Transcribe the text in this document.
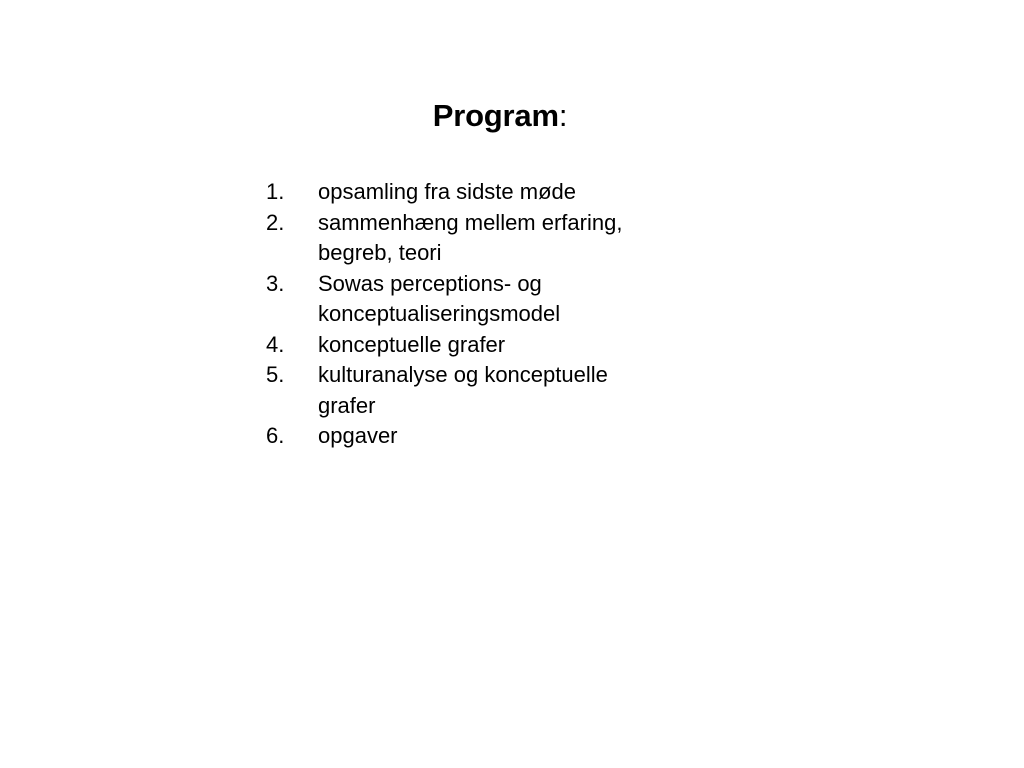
Program:
1. opsamling fra sidste møde
2. sammenhæng mellem erfaring,
begreb, teori
3. Sowas perceptions- og
konceptualiseringsmodel
4. konceptuelle grafer
5. kulturanalyse og konceptuelle
grafer
6. opgaver
